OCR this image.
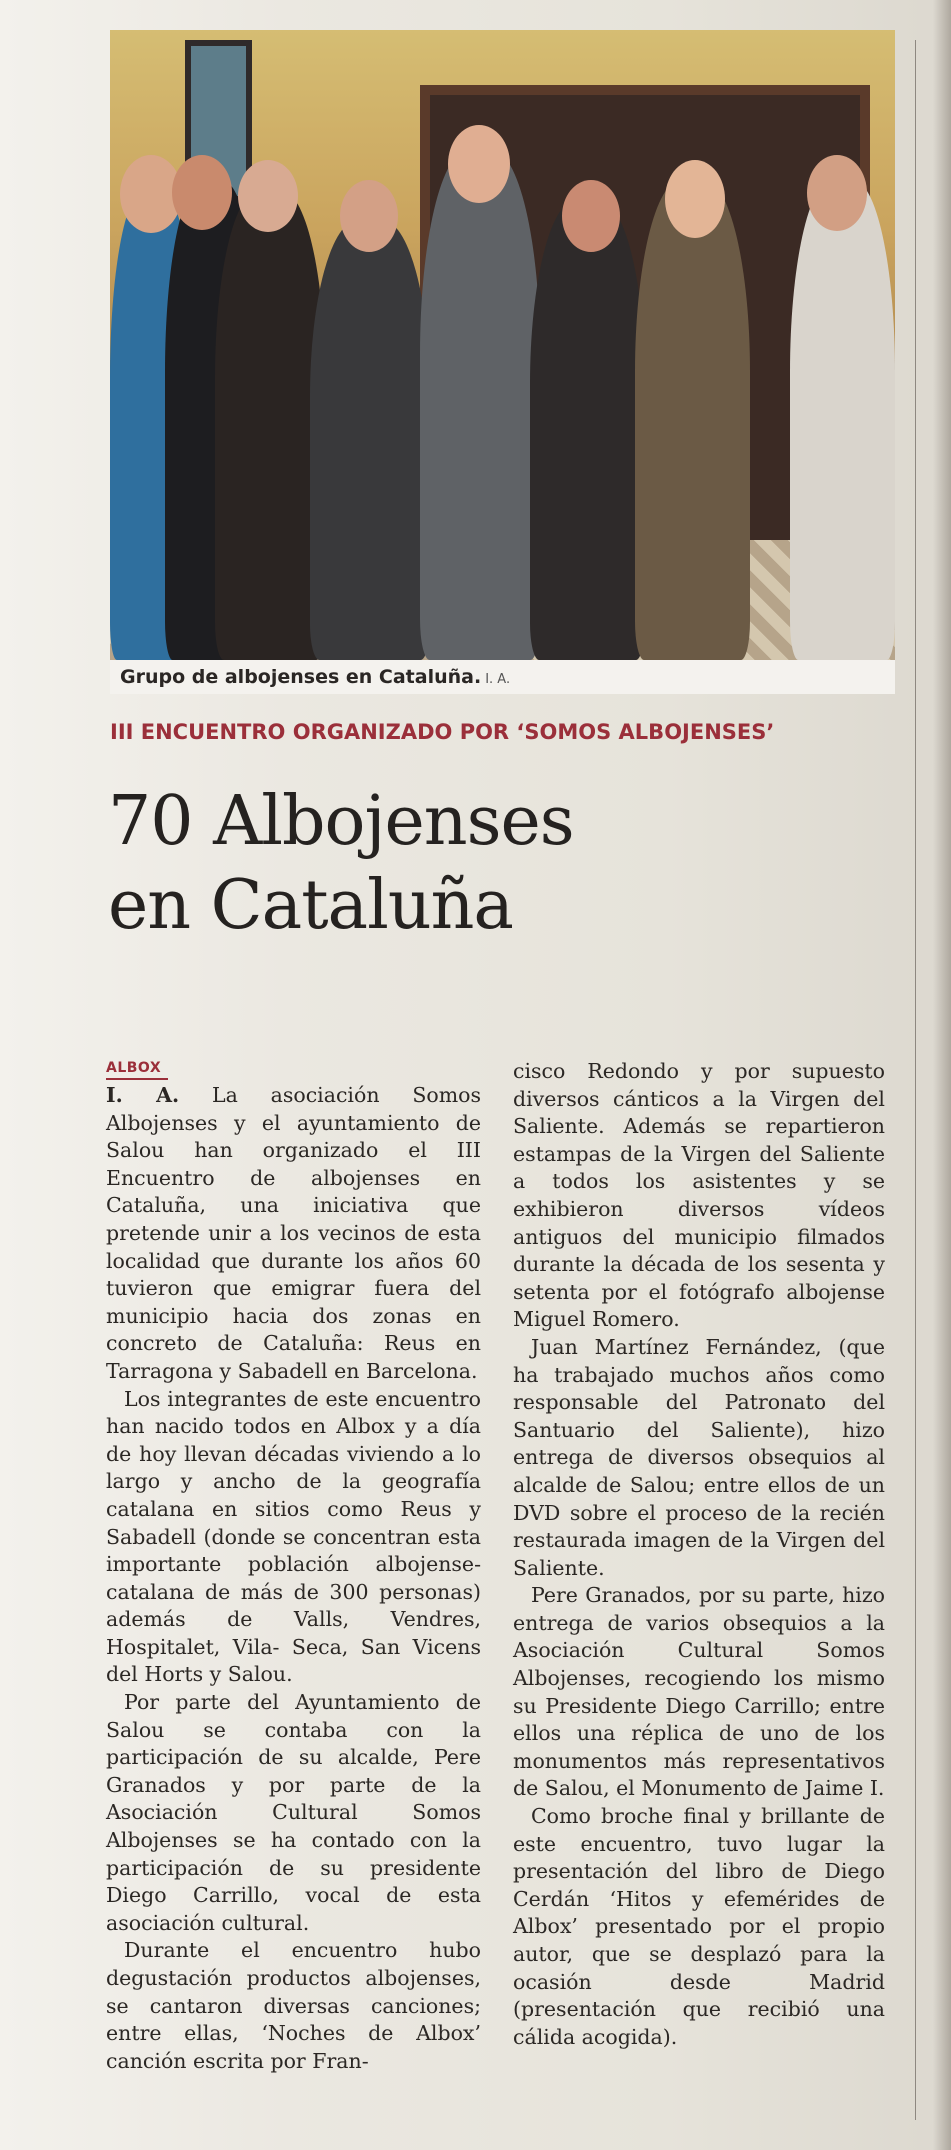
Grupo de albojenses en Cataluña. I. A.
III ENCUENTRO ORGANIZADO POR ‘SOMOS ALBOJENSES’
70 Albojenses
en Cataluña
ALBOX

I. A. La asociación Somos Albojenses y el ayuntamiento de Salou han organizado el III Encuentro de albojenses en Cataluña, una iniciativa que pretende unir a los vecinos de esta localidad que durante los años 60 tuvieron que emigrar fuera del municipio hacia dos zonas en concreto de Cataluña: Reus en Tarragona y Sabadell en Barcelona.

Los integrantes de este encuentro han nacido todos en Albox y a día de hoy llevan décadas viviendo a lo largo y ancho de la geografía catalana en sitios como Reus y Sabadell (donde se concentran esta importante población albojense-catalana de más de 300 personas) además de Valls, Vendres, Hospitalet, Vila- Seca, San Vicens del Horts y Salou.

Por parte del Ayuntamiento de Salou se contaba con la participación de su alcalde, Pere Granados y por parte de la Asociación Cultural Somos Albojenses se ha contado con la participación de su presidente Diego Carrillo, vocal de esta asociación cultural.

Durante el encuentro hubo degustación productos albojenses, se cantaron diversas canciones; entre ellas, ‘Noches de Albox’ canción escrita por Fran-

cisco Redondo y por supuesto diversos cánticos a la Virgen del Saliente. Además se repartieron estampas de la Virgen del Saliente a todos los asistentes y se exhibieron diversos vídeos antiguos del municipio filmados durante la década de los sesenta y setenta por el fotógrafo albojense Miguel Romero.

Juan Martínez Fernández, (que ha trabajado muchos años como responsable del Patronato del Santuario del Saliente), hizo entrega de diversos obsequios al alcalde de Salou; entre ellos de un DVD sobre el proceso de la recién restaurada imagen de la Virgen del Saliente.

Pere Granados, por su parte, hizo entrega de varios obsequios a la Asociación Cultural Somos Albojenses, recogiendo los mismo su Presidente Diego Carrillo; entre ellos una réplica de uno de los monumentos más representativos de Salou, el Monumento de Jaime I.

Como broche final y brillante de este encuentro, tuvo lugar la presentación del libro de Diego Cerdán ‘Hitos y efemérides de Albox’ presentado por el propio autor, que se desplazó para la ocasión desde Madrid (presentación que recibió una cálida acogida).
